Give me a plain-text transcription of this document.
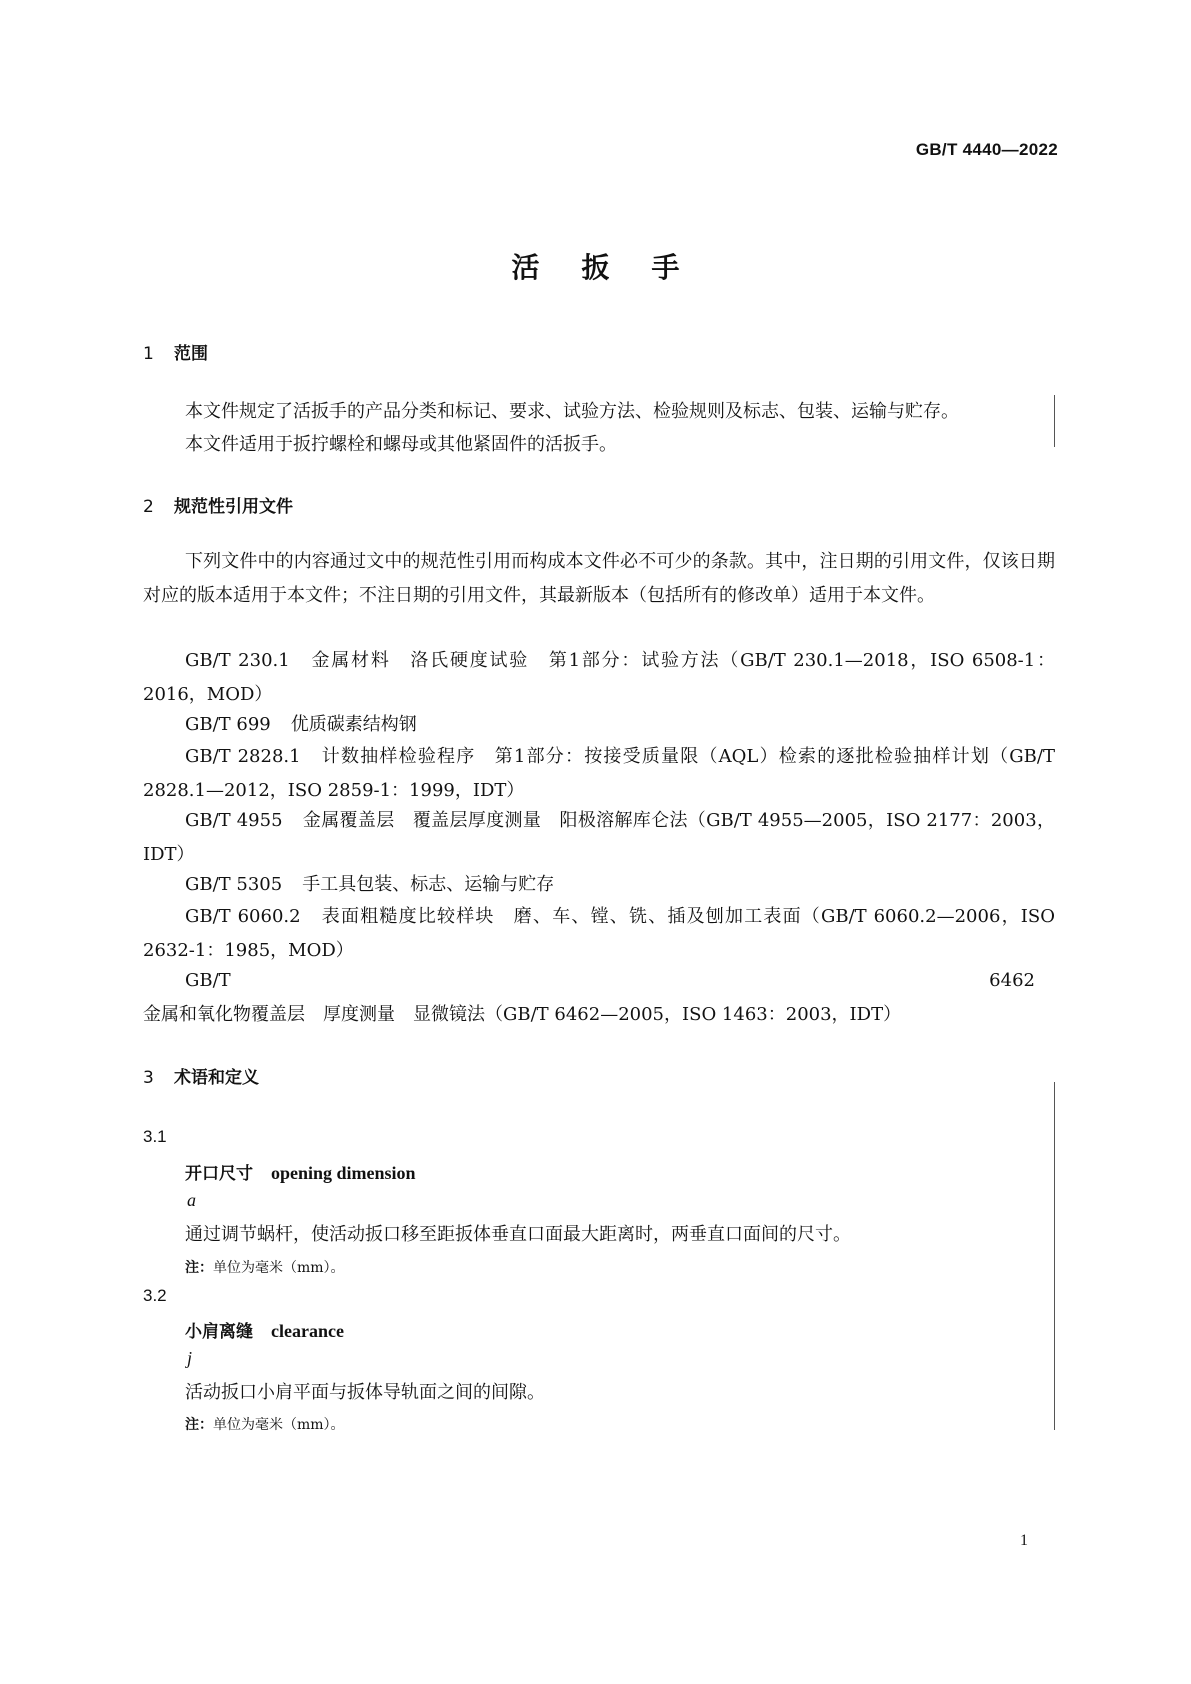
GB/T 4440—2022
活扳手
1 范围
本文件规定了活扳手的产品分类和标记、要求、试验方法、检验规则及标志、包装、运输与贮存。
本文件适用于扳拧螺栓和螺母或其他紧固件的活扳手。
2 规范性引用文件
下列文件中的内容通过文中的规范性引用而构成本文件必不可少的条款。其中，注日期的引用文件，仅该日期对应的版本适用于本文件；不注日期的引用文件，其最新版本（包括所有的修改单）适用于本文件。
GB/T 230.1 金属材料　洛氏硬度试验　第1部分：试验方法（GB/T 230.1—2018，ISO 6508-1：2016，MOD）
GB/T 699 优质碳素结构钢
GB/T 2828.1 计数抽样检验程序　第1部分：按接受质量限（AQL）检索的逐批检验抽样计划（GB/T 2828.1—2012，ISO 2859-1：1999，IDT）
GB/T 4955 金属覆盖层　覆盖层厚度测量　阳极溶解库仑法（GB/T 4955—2005，ISO 2177：2003，IDT）
GB/T 5305 手工具包装、标志、运输与贮存
GB/T 6060.2 表面粗糙度比较样块　磨、车、镗、铣、插及刨加工表面（GB/T 6060.2—2006，ISO 2632-1：1985，MOD）
GB/T 6462金属和氧化物覆盖层　厚度测量　显微镜法（GB/T 6462—2005，ISO 1463：2003，IDT）
3 术语和定义
3.1
开口尺寸 opening dimension
a
通过调节蜗杆，使活动扳口移至距扳体垂直口面最大距离时，两垂直口面间的尺寸。
注：单位为毫米（mm）。
3.2
小肩离缝 clearance
j
活动扳口小肩平面与扳体导轨面之间的间隙。
注：单位为毫米（mm）。
1
